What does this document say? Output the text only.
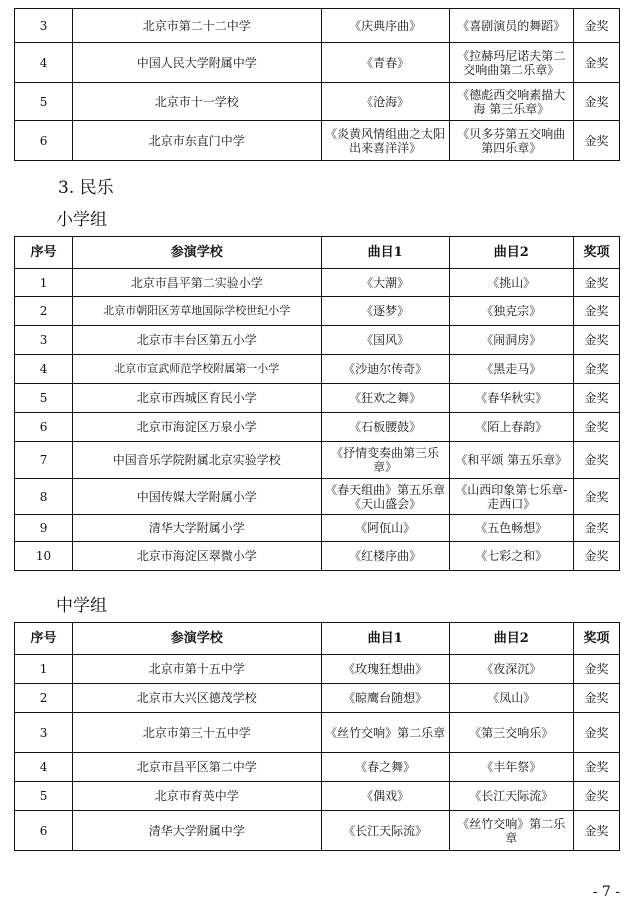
3	北京市第二十二中学	《庆典序曲》	《喜剧演员的舞蹈》	金奖
4	中国人民大学附属中学	《青春》	《拉赫玛尼诺夫第二交响曲第二乐章》	金奖
5	北京市十一学校	《沧海》	《德彪西交响素描大海 第三乐章》	金奖
6	北京市东直门中学	《炎黄风情组曲之太阳出来喜洋洋》	《贝多芬第五交响曲第四乐章》	金奖
3. 民乐
小学组
序号	参演学校	曲目1	曲目2	奖项
1	北京市昌平第二实验小学	《大潮》	《挑山》	金奖
2	北京市朝阳区芳草地国际学校世纪小学	《逐梦》	《独克宗》	金奖
3	北京市丰台区第五小学	《国风》	《闹洞房》	金奖
4	北京市宣武师范学校附属第一小学	《沙迪尔传奇》	《黑走马》	金奖
5	北京市西城区育民小学	《狂欢之舞》	《春华秋实》	金奖
6	北京市海淀区万泉小学	《石板腰鼓》	《陌上春韵》	金奖
7	中国音乐学院附属北京实验学校	《抒情变奏曲第三乐章》	《和平颂 第五乐章》	金奖
8	中国传媒大学附属小学	《春天组曲》第五乐章《天山盛会》	《山西印象第七乐章-走西口》	金奖
9	清华大学附属小学	《阿佤山》	《五色畅想》	金奖
10	北京市海淀区翠微小学	《红楼序曲》	《七彩之和》	金奖
中学组
序号	参演学校	曲目1	曲目2	奖项
1	北京市第十五中学	《玫瑰狂想曲》	《夜深沉》	金奖
2	北京市大兴区德茂学校	《晾鹰台随想》	《凤山》	金奖
3	北京市第三十五中学	《丝竹交响》第二乐章	《第三交响乐》	金奖
4	北京市昌平区第二中学	《春之舞》	《丰年祭》	金奖
5	北京市育英中学	《偶戏》	《长江天际流》	金奖
6	清华大学附属中学	《长江天际流》	《丝竹交响》第二乐章	金奖
- 7 -
